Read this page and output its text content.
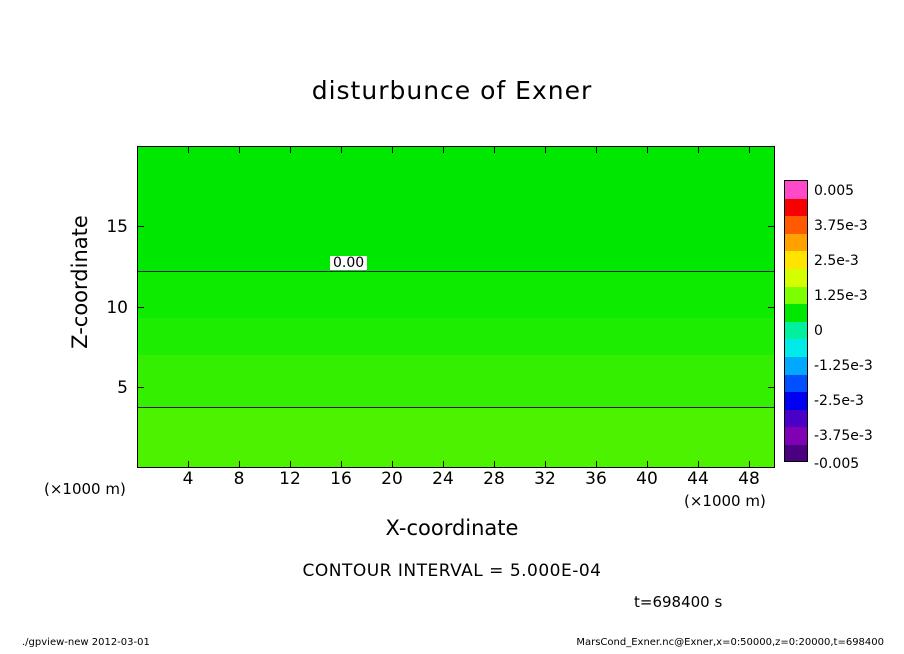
disturbunce of Exner
0.00
4	8	12	16	20	24	28	32	36	40	44	48
5
10
15
Z-coordinate
X-coordinate
(×1000 m)
(×1000 m)
CONTOUR INTERVAL = 5.000E-04
t=698400 s
./gpview-new 2012-03-01	MarsCond_Exner.nc@Exner,x=0:50000,z=0:20000,t=698400
0.005
3.75e-3
2.5e-3
1.25e-3
0
-1.25e-3
-2.5e-3
-3.75e-3
-0.005
